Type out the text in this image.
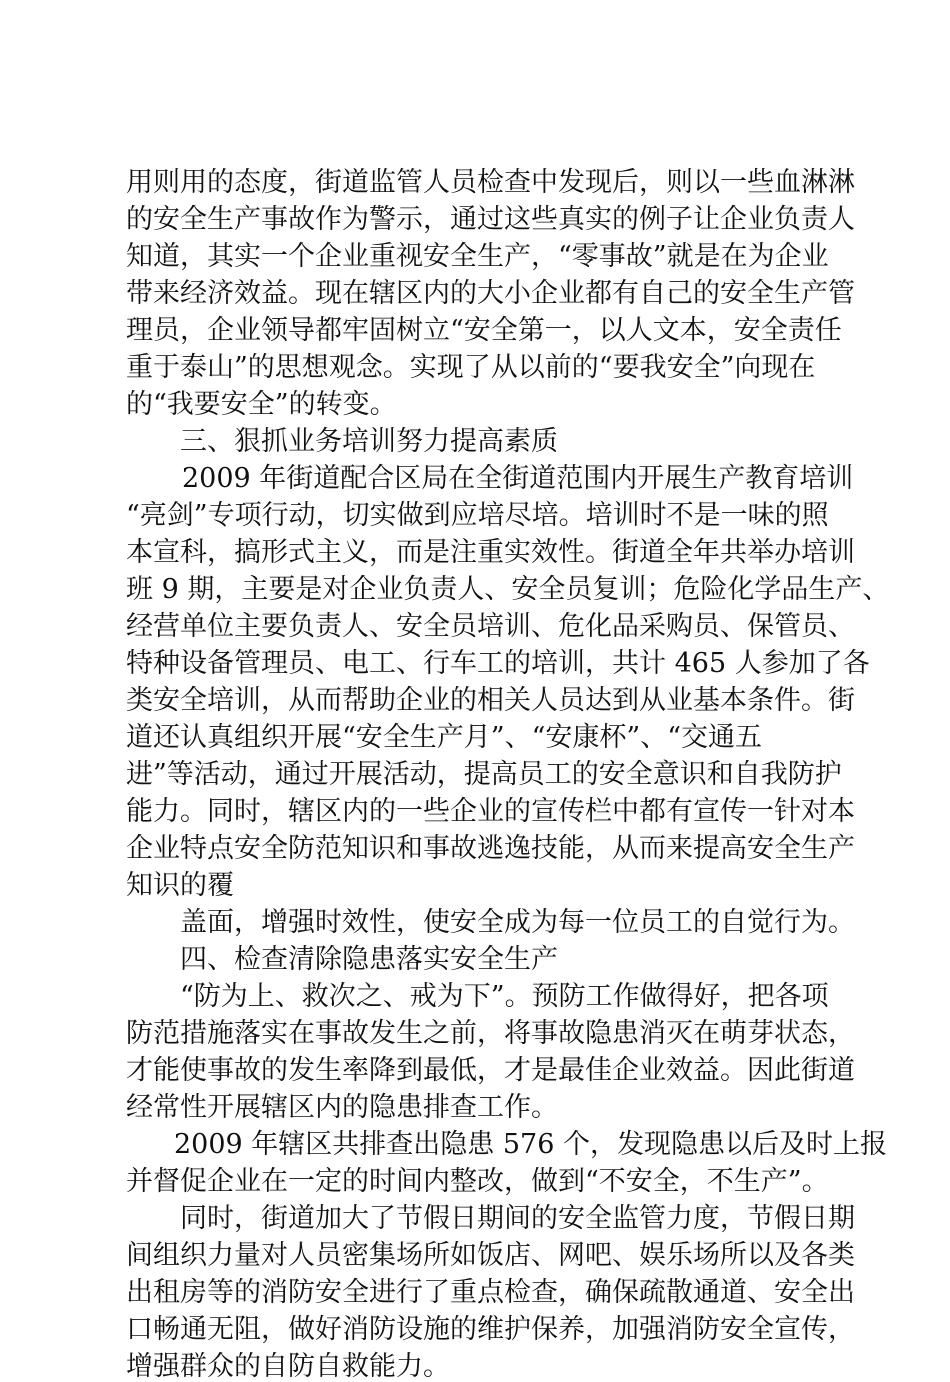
用则用的态度，街道监管人员检查中发现后，则以一些血淋淋
的安全生产事故作为警示，通过这些真实的例子让企业负责人
知道，其实一个企业重视安全生产，“零事故”就是在为企业
带来经济效益。现在辖区内的大小企业都有自己的安全生产管
理员，企业领导都牢固树立“安全第一，以人文本，安全责任
重于泰山”的思想观念。实现了从以前的“要我安全”向现在
的“我要安全”的转变。
三、狠抓业务培训努力提高素质
2009 年街道配合区局在全街道范围内开展生产教育培训
“亮剑”专项行动，切实做到应培尽培。培训时不是一味的照
本宣科，搞形式主义，而是注重实效性。街道全年共举办培训
班 9 期，主要是对企业负责人、安全员复训；危险化学品生产、
经营单位主要负责人、安全员培训、危化品采购员、保管员、
特种设备管理员、电工、行车工的培训，共计 465 人参加了各
类安全培训，从而帮助企业的相关人员达到从业基本条件。街
道还认真组织开展“安全生产月”、“安康杯”、“交通五
进”等活动，通过开展活动，提高员工的安全意识和自我防护
能力。同时，辖区内的一些企业的宣传栏中都有宣传一针对本
企业特点安全防范知识和事故逃逸技能，从而来提高安全生产
知识的覆
盖面，增强时效性，使安全成为每一位员工的自觉行为。
四、检查清除隐患落实安全生产
“防为上、救次之、戒为下”。预防工作做得好，把各项
防范措施落实在事故发生之前，将事故隐患消灭在萌芽状态，
才能使事故的发生率降到最低，才是最佳企业效益。因此街道
经常性开展辖区内的隐患排查工作。
2009 年辖区共排查出隐患 576 个，发现隐患以后及时上报
并督促企业在一定的时间内整改，做到“不安全，不生产”。
同时，街道加大了节假日期间的安全监管力度，节假日期
间组织力量对人员密集场所如饭店、网吧、娱乐场所以及各类
出租房等的消防安全进行了重点检查，确保疏散通道、安全出
口畅通无阻，做好消防设施的维护保养，加强消防安全宣传，
增强群众的自防自救能力。
